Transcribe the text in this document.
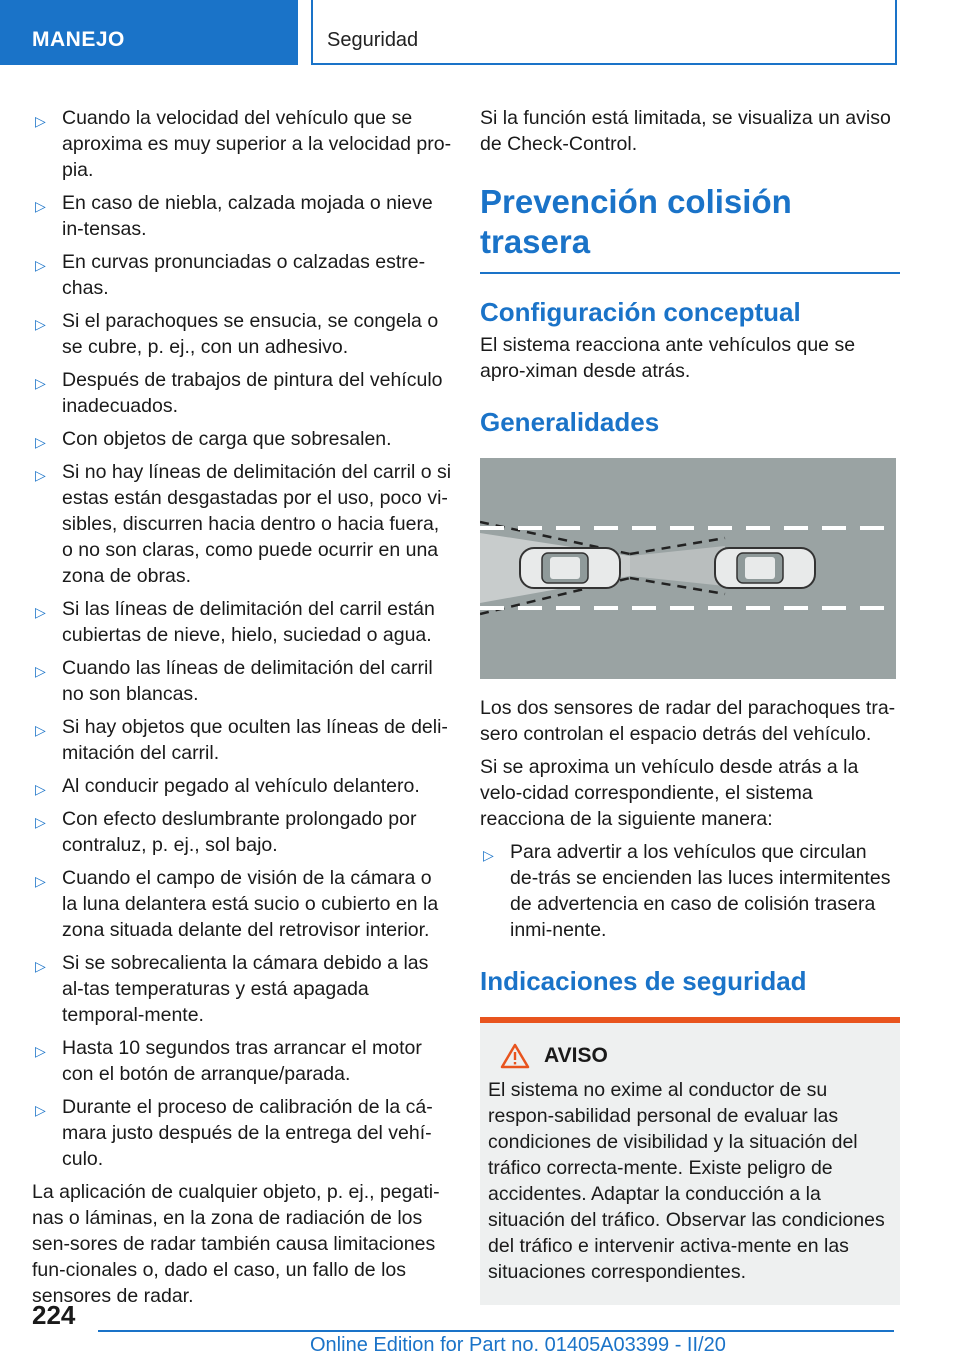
MANEJO	Seguridad
▷ Cuando la velocidad del vehículo que se aproxima es muy superior a la velocidad pro-pia.
▷ En caso de niebla, calzada mojada o nieve in-tensas.
▷ En curvas pronunciadas o calzadas estre-chas.
▷ Si el parachoques se ensucia, se congela o se cubre, p. ej., con un adhesivo.
▷ Después de trabajos de pintura del vehículo inadecuados.
▷ Con objetos de carga que sobresalen.
▷ Si no hay líneas de delimitación del carril o si estas están desgastadas por el uso, poco vi-sibles, discurren hacia dentro o hacia fuera, o no son claras, como puede ocurrir en una zona de obras.
▷ Si las líneas de delimitación del carril están cubiertas de nieve, hielo, suciedad o agua.
▷ Cuando las líneas de delimitación del carril no son blancas.
▷ Si hay objetos que oculten las líneas de deli-mitación del carril.
▷ Al conducir pegado al vehículo delantero.
▷ Con efecto deslumbrante prolongado por contraluz, p. ej., sol bajo.
▷ Cuando el campo de visión de la cámara o la luna delantera está sucio o cubierto en la zona situada delante del retrovisor interior.
▷ Si se sobrecalienta la cámara debido a las al-tas temperaturas y está apagada temporal-mente.
▷ Hasta 10 segundos tras arrancar el motor con el botón de arranque/parada.
▷ Durante el proceso de calibración de la cá-mara justo después de la entrega del vehí-culo.

La aplicación de cualquier objeto, p. ej., pegati-nas o láminas, en la zona de radiación de los sen-sores de radar también causa limitaciones fun-cionales o, dado el caso, un fallo de los sensores de radar.

Si la función está limitada, se visualiza un aviso de Check-Control.

Prevención colisión trasera
Configuración conceptual

El sistema reacciona ante vehículos que se apro-ximan desde atrás.

Generalidades

Los dos sensores de radar del parachoques tra-sero controlan el espacio detrás del vehículo.

Si se aproxima un vehículo desde atrás a la velo-cidad correspondiente, el sistema reacciona de la siguiente manera:

▷ Para advertir a los vehículos que circulan de-trás se encienden las luces intermitentes de advertencia en caso de colisión trasera inmi-nente.
Indicaciones de seguridad
AVISO

El sistema no exime al conductor de su respon-sabilidad personal de evaluar las condiciones de visibilidad y la situación del tráfico correcta-mente. Existe peligro de accidentes. Adaptar la conducción a la situación del tráfico. Observar las condiciones del tráfico e intervenir activa-mente en las situaciones correspondientes.

224
Online Edition for Part no. 01405A03399 - II/20
